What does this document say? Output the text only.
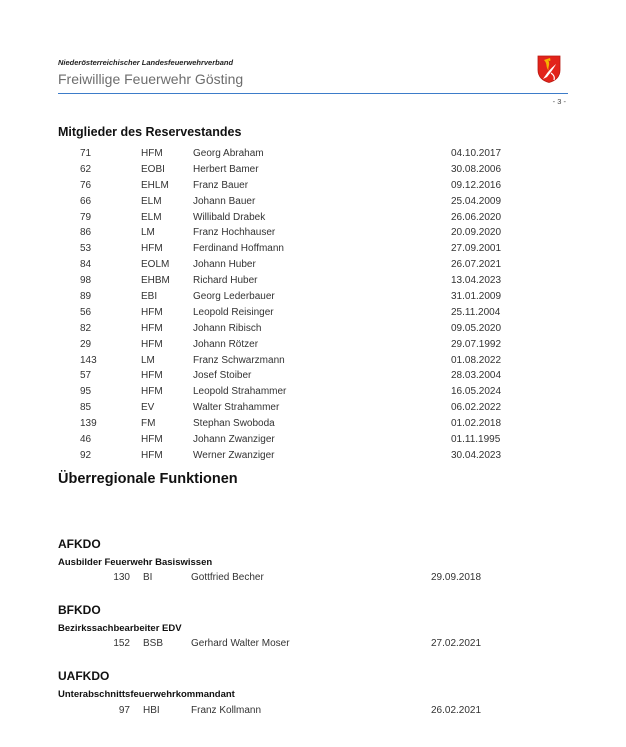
Niederösterreichischer Landesfeuerwehrverband
Freiwillige Feuerwehr Gösting
- 3 -
Mitglieder des Reservestandes
71	HFM	Georg Abraham	04.10.2017
62	EOBI	Herbert Bamer	30.08.2006
76	EHLM Franz Bauer	09.12.2016
66	ELM	Johann Bauer	25.04.2009
79	ELM	Willibald Drabek	26.06.2020
86	LM	Franz Hochhauser	20.09.2020
53	HFM	Ferdinand Hoffmann	27.09.2001
84	EOLM Johann Huber	26.07.2021
98	EHBM Richard Huber	13.04.2023
89	EBI	Georg Lederbauer	31.01.2009
56	HFM	Leopold Reisinger	25.11.2004
82	HFM	Johann Ribisch	09.05.2020
29	HFM	Johann Rötzer	29.07.1992
143	LM	Franz Schwarzmann	01.08.2022
57	HFM	Josef Stoiber	28.03.2004
95	HFM	Leopold Strahammer	16.05.2024
85	EV	Walter Strahammer	06.02.2022
139	FM	Stephan Swoboda	01.02.2018
46	HFM	Johann Zwanziger	01.11.1995
92	HFM	Werner Zwanziger	30.04.2023
Überregionale Funktionen
AFKDO
Ausbilder Feuerwehr Basiswissen
130 BI	Gottfried Becher	29.09.2018
BFKDO
Bezirkssachbearbeiter EDV
152 BSB	Gerhard Walter Moser	27.02.2021
UAFKDO
Unterabschnittsfeuerwehrkommandant
97 HBI	Franz Kollmann	26.02.2021
